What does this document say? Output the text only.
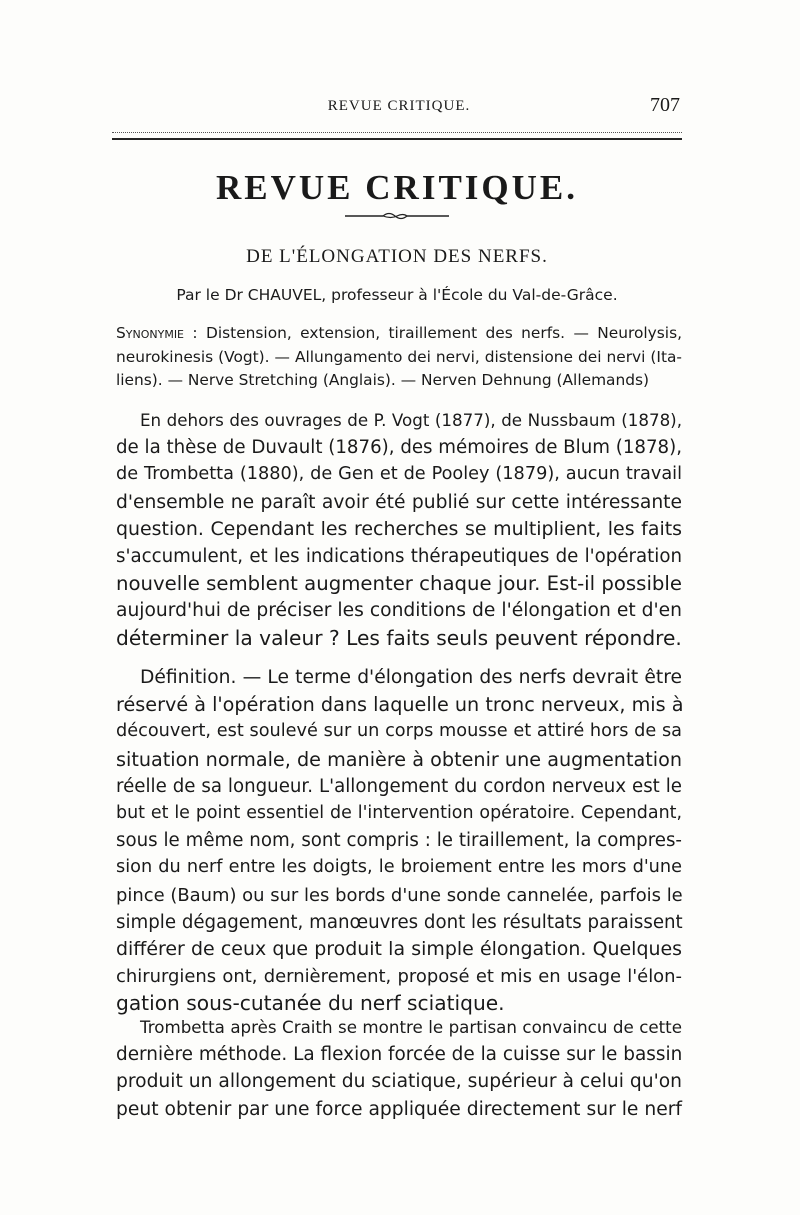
REVUE CRITIQUE.	707
REVUE CRITIQUE.
DE L'ÉLONGATION DES NERFS.
Par le Dr CHAUVEL, professeur à l'École du Val-de-Grâce.
Synonymie : Distension, extension, tiraillement des nerfs. — Neurolysis,
neurokinesis (Vogt). — Allungamento dei nervi, distensione dei nervi (Ita-
liens). — Nerve Stretching (Anglais). — Nerven Dehnung (Allemands)
En dehors des ouvrages de P. Vogt (1877), de Nussbaum (1878),
de la thèse de Duvault (1876), des mémoires de Blum (1878),
de Trombetta (1880), de Gen et de Pooley (1879), aucun travail
d'ensemble ne paraît avoir été publié sur cette intéressante
question. Cependant les recherches se multiplient, les faits
s'accumulent, et les indications thérapeutiques de l'opération
nouvelle semblent augmenter chaque jour. Est-il possible
aujourd'hui de préciser les conditions de l'élongation et d'en
déterminer la valeur ? Les faits seuls peuvent répondre.
Définition. — Le terme d'élongation des nerfs devrait être
réservé à l'opération dans laquelle un tronc nerveux, mis à
découvert, est soulevé sur un corps mousse et attiré hors de sa
situation normale, de manière à obtenir une augmentation
réelle de sa longueur. L'allongement du cordon nerveux est le
but et le point essentiel de l'intervention opératoire. Cependant,
sous le même nom, sont compris : le tiraillement, la compres-
sion du nerf entre les doigts, le broiement entre les mors d'une
pince (Baum) ou sur les bords d'une sonde cannelée, parfois le
simple dégagement, manœuvres dont les résultats paraissent
différer de ceux que produit la simple élongation. Quelques
chirurgiens ont, dernièrement, proposé et mis en usage l'élon-
gation sous-cutanée du nerf sciatique.
Trombetta après Craith se montre le partisan convaincu de cette
dernière méthode. La flexion forcée de la cuisse sur le bassin
produit un allongement du sciatique, supérieur à celui qu'on
peut obtenir par une force appliquée directement sur le nerf
